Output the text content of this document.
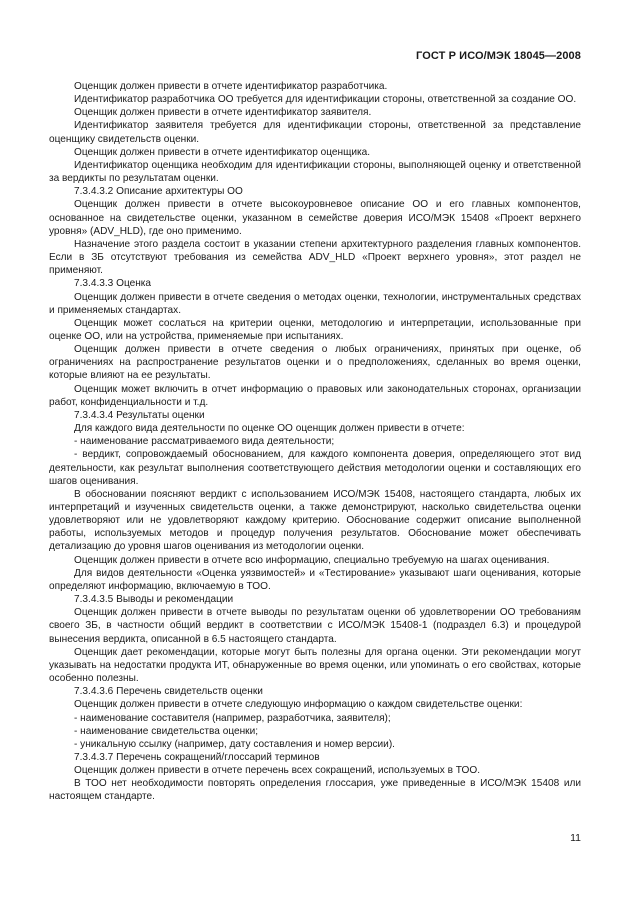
ГОСТ Р ИСО/МЭК 18045—2008

Оценщик должен привести в отчете идентификатор разработчика.

Идентификатор разработчика ОО требуется для идентификации стороны, ответственной за создание ОО.

Оценщик должен привести в отчете идентификатор заявителя.

Идентификатор заявителя требуется для идентификации стороны, ответственной за представление оценщику свидетельств оценки.

Оценщик должен привести в отчете идентификатор оценщика.

Идентификатор оценщика необходим для идентификации стороны, выполняющей оценку и ответственной за вердикты по результатам оценки.

7.3.4.3.2 Описание архитектуры ОО

Оценщик должен привести в отчете высокоуровневое описание ОО и его главных компонентов, основанное на свидетельстве оценки, указанном в семействе доверия ИСО/МЭК 15408 «Проект верхнего уровня» (ADV_HLD), где оно применимо.

Назначение этого раздела состоит в указании степени архитектурного разделения главных компонентов. Если в ЗБ отсутствуют требования из семейства ADV_HLD «Проект верхнего уровня», этот раздел не применяют.

7.3.4.3.3 Оценка

Оценщик должен привести в отчете сведения о методах оценки, технологии, инструментальных средствах и применяемых стандартах.

Оценщик может сослаться на критерии оценки, методологию и интерпретации, использованные при оценке ОО, или на устройства, применяемые при испытаниях.

Оценщик должен привести в отчете сведения о любых ограничениях, принятых при оценке, об ограничениях на распространение результатов оценки и о предположениях, сделанных во время оценки, которые влияют на ее результаты.

Оценщик может включить в отчет информацию о правовых или законодательных сторонах, организации работ, конфиденциальности и т.д.

7.3.4.3.4 Результаты оценки

Для каждого вида деятельности по оценке ОО оценщик должен привести в отчете:

- наименование рассматриваемого вида деятельности;

- вердикт, сопровождаемый обоснованием, для каждого компонента доверия, определяющего этот вид деятельности, как результат выполнения соответствующего действия методологии оценки и составляющих его шагов оценивания.

В обосновании поясняют вердикт с использованием ИСО/МЭК 15408, настоящего стандарта, любых их интерпретаций и изученных свидетельств оценки, а также демонстрируют, насколько свидетельства оценки удовлетворяют или не удовлетворяют каждому критерию. Обоснование содержит описание выполненной работы, используемых методов и процедур получения результатов. Обоснование может обеспечивать детализацию до уровня шагов оценивания из методологии оценки.

Оценщик должен привести в отчете всю информацию, специально требуемую на шагах оценивания.

Для видов деятельности «Оценка уязвимостей» и «Тестирование» указывают шаги оценивания, которые определяют информацию, включаемую в ТОО.

7.3.4.3.5 Выводы и рекомендации

Оценщик должен привести в отчете выводы по результатам оценки об удовлетворении ОО требованиям своего ЗБ, в частности общий вердикт в соответствии с ИСО/МЭК 15408-1 (подраздел 6.3) и процедурой вынесения вердикта, описанной в 6.5 настоящего стандарта.

Оценщик дает рекомендации, которые могут быть полезны для органа оценки. Эти рекомендации могут указывать на недостатки продукта ИТ, обнаруженные во время оценки, или упоминать о его свойствах, которые особенно полезны.

7.3.4.3.6 Перечень свидетельств оценки

Оценщик должен привести в отчете следующую информацию о каждом свидетельстве оценки:

- наименование составителя (например, разработчика, заявителя);

- наименование свидетельства оценки;

- уникальную ссылку (например, дату составления и номер версии).

7.3.4.3.7 Перечень сокращений/глоссарий терминов

Оценщик должен привести в отчете перечень всех сокращений, используемых в ТОО.

В ТОО нет необходимости повторять определения глоссария, уже приведенные в ИСО/МЭК 15408 или настоящем стандарте.

11
